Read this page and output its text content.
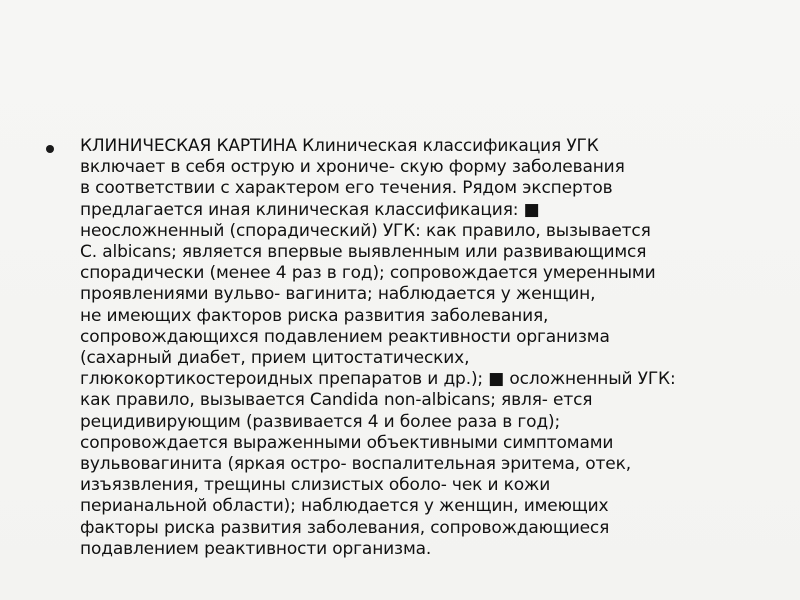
КЛИНИЧЕСКАЯ КАРТИНА Клиническая классификация УГК
включает в себя острую и хрониче- скую форму заболевания
в соответствии с характером его течения. Рядом экспертов
предлагается иная клиническая классификация: ■
неосложненный (спорадический) УГК: как правило, вызывается
C. albicans; является впервые выявленным или развивающимся
спорадически (менее 4 раз в год); сопровождается умеренными
проявлениями вульво- вагинита; наблюдается у женщин,
не имеющих факторов риска развития заболевания,
сопровождающихся подавлением реактивности организма
(сахарный диабет, прием цитостатических,
глюкокортикостероидных препаратов и др.); ■ осложненный УГК:
как правило, вызывается Candida non-albicans; явля- ется
рецидивирующим (развивается 4 и более раза в год);
сопровождается выраженными объективными симптомами
вульвовагинита (яркая остро- воспалительная эритема, отек,
изъязвления, трещины слизистых оболо- чек и кожи
перианальной области); наблюдается у женщин, имеющих
факторы риска развития заболевания, сопровождающиеся
подавлением реактивности организма.
